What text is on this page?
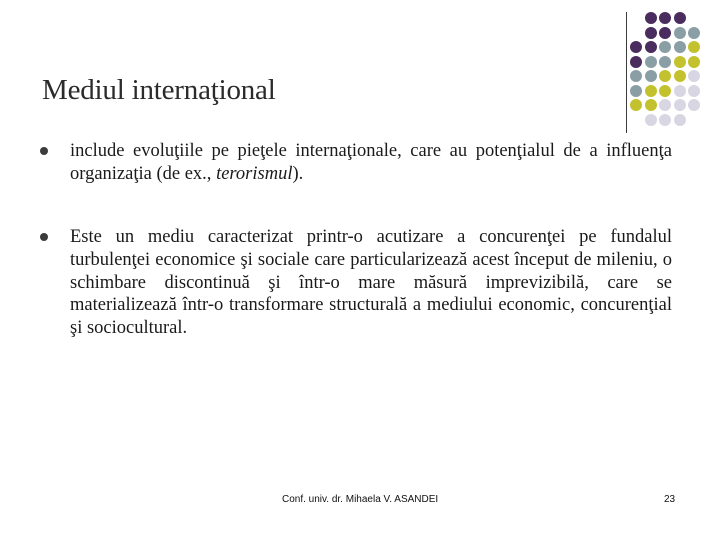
Mediul internaţional
include evoluţiile pe pieţele internaţionale, care au potenţialul de a influenţa organizaţia (de ex., terorismul).
Este un mediu caracterizat printr-o acutizare a concurenţei pe fundalul turbulenţei economice şi sociale care particularizează acest început de mileniu, o schimbare discontinuă şi într-o mare măsură imprevizibilă, care se materializează într-o transformare structurală a mediului economic, concurenţial şi sociocultural.
Conf. univ. dr. Mihaela V. ASANDEI	23
